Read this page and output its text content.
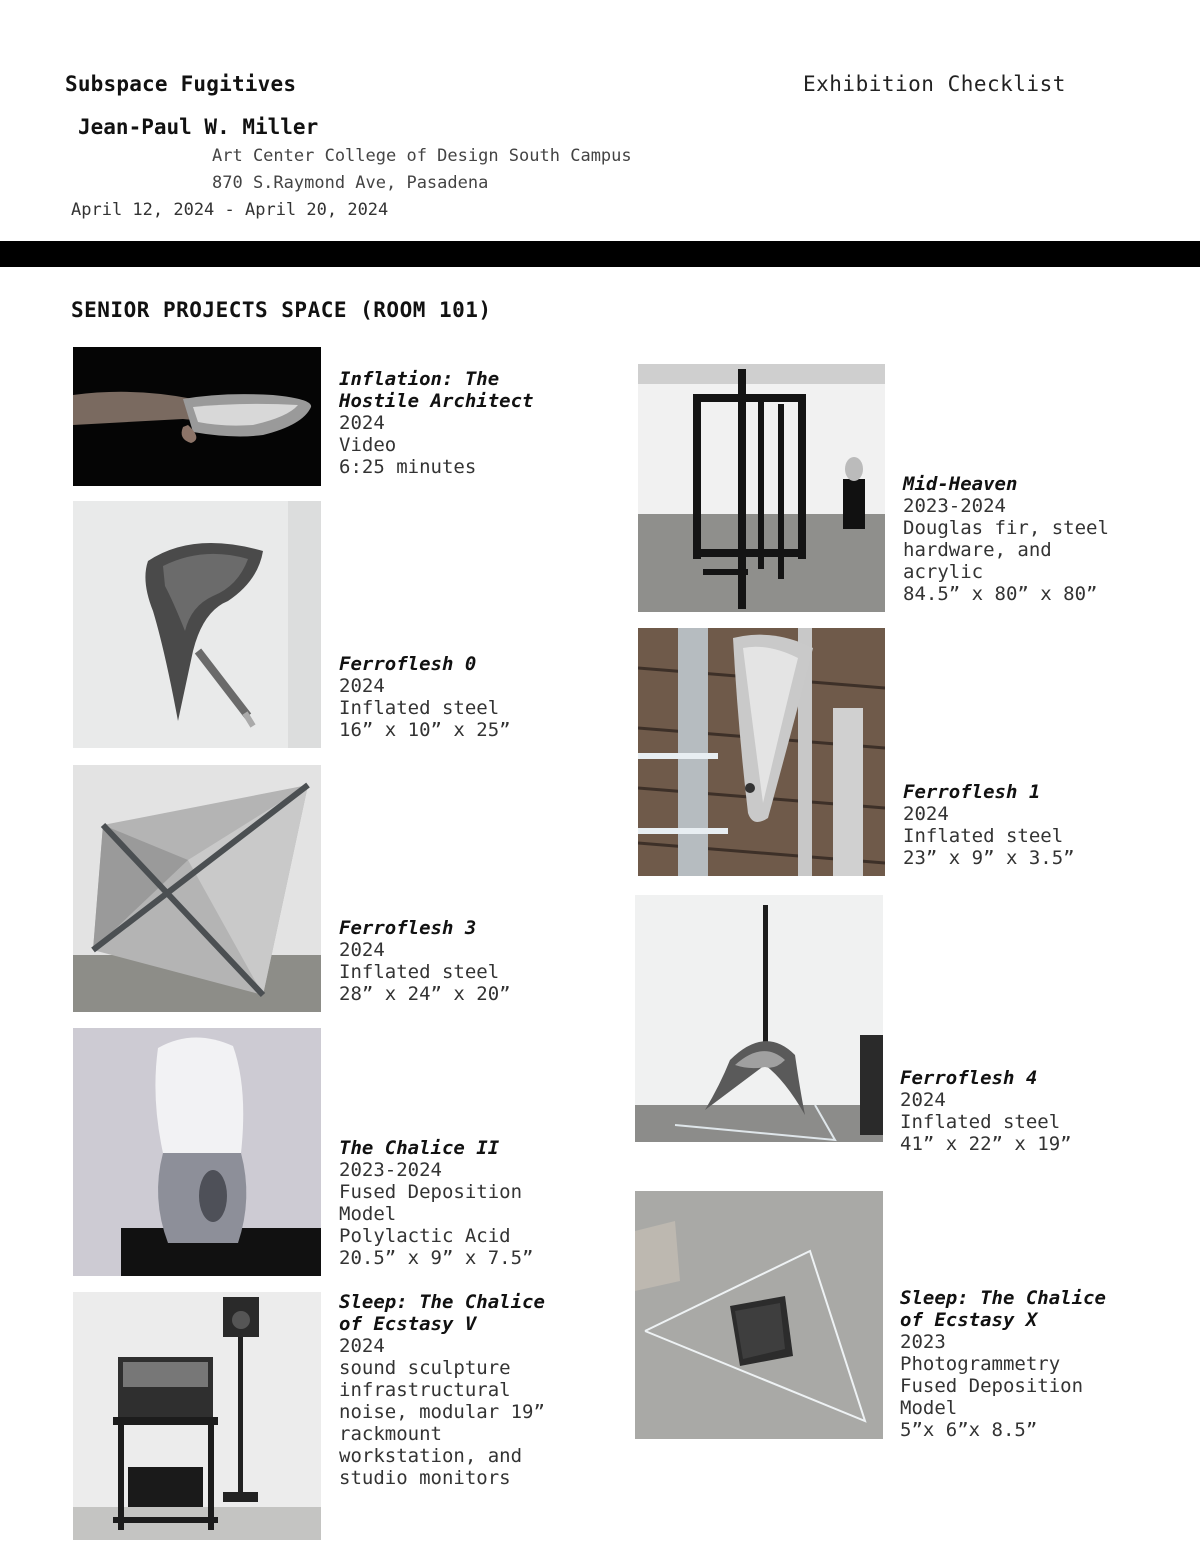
Subspace Fugitives	Exhibition Checklist
Jean-Paul W. Miller
Art Center College of Design South Campus
870 S.Raymond Ave, Pasadena
April 12, 2024 - April 20, 2024
SENIOR PROJECTS SPACE (ROOM 101)
Inflation: The
Hostile Architect
2024
Video
6:25 minutes
Ferroflesh 0
2024
Inflated steel
16” x 10” x 25”
Ferroflesh 3
2024
Inflated steel
28” x 24” x 20”
The Chalice II
2023-2024
Fused Deposition
Model
Polylactic Acid
20.5” x 9” x 7.5”
Sleep: The Chalice
of Ecstasy V
2024
sound sculpture
infrastructural
noise, modular 19”
rackmount
workstation, and
studio monitors
Mid-Heaven
2023-2024
Douglas fir, steel
hardware, and
acrylic
84.5” x 80” x 80”
Ferroflesh 1
2024
Inflated steel
23” x 9” x 3.5”
Ferroflesh 4
2024
Inflated steel
41” x 22” x 19”
Sleep: The Chalice
of Ecstasy X
2023
Photogrammetry
Fused Deposition
Model
5”x 6”x 8.5”
